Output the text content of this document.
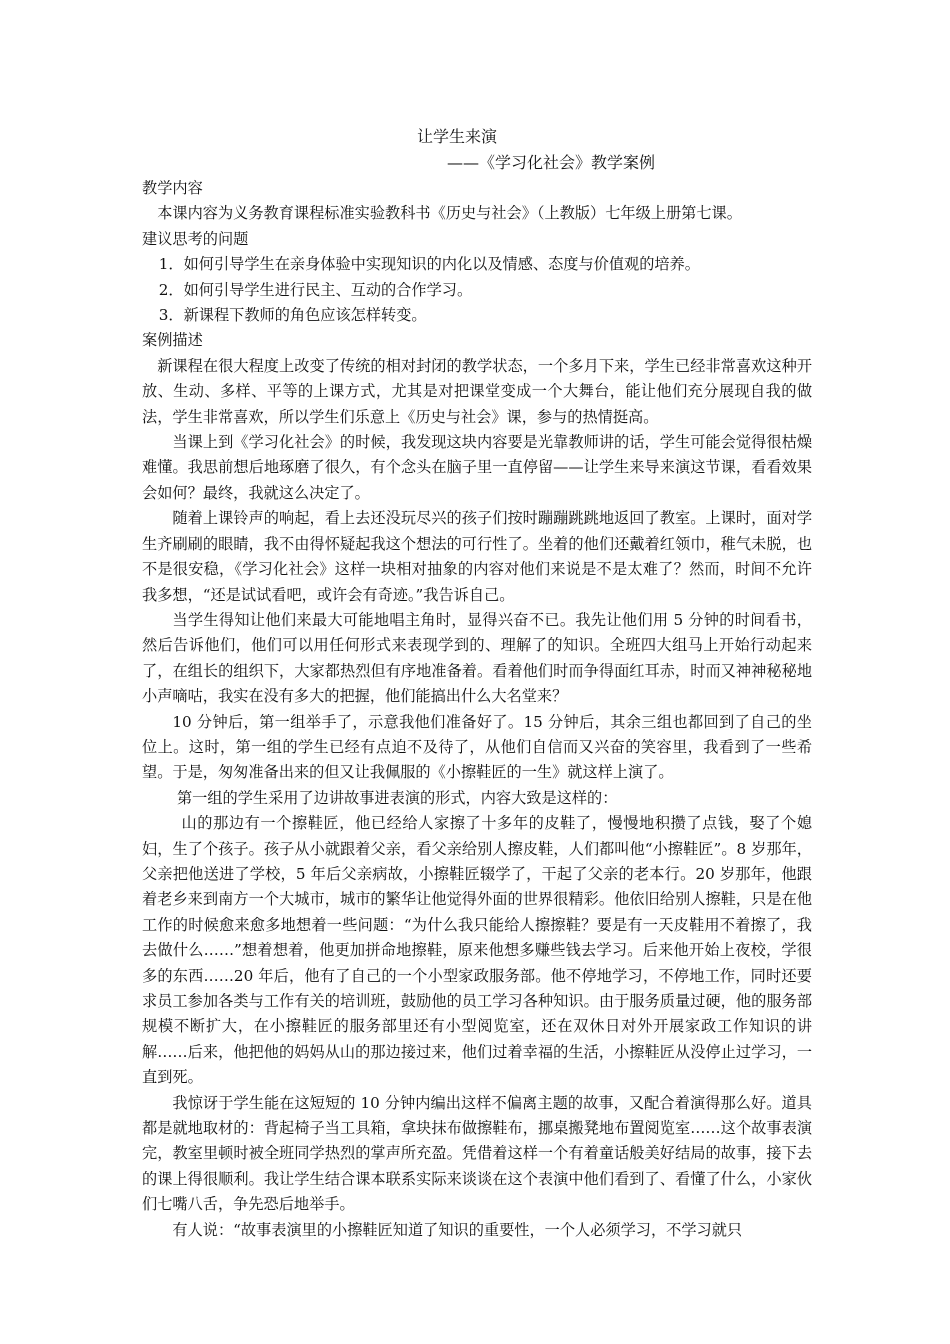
让学生来演
——《学习化社会》教学案例

教学内容

本课内容为义务教育课程标准实验教科书《历史与社会》（上教版）七年级上册第七课。

建议思考的问题

1．如何引导学生在亲身体验中实现知识的内化以及情感、态度与价值观的培养。

2．如何引导学生进行民主、互动的合作学习。

3．新课程下教师的角色应该怎样转变。

案例描述

新课程在很大程度上改变了传统的相对封闭的教学状态，一个多月下来，学生已经非常喜欢这种开放、生动、多样、平等的上课方式，尤其是对把课堂变成一个大舞台，能让他们充分展现自我的做法，学生非常喜欢，所以学生们乐意上《历史与社会》课，参与的热情挺高。

当课上到《学习化社会》的时候，我发现这块内容要是光靠教师讲的话，学生可能会觉得很枯燥难懂。我思前想后地琢磨了很久，有个念头在脑子里一直停留——让学生来导来演这节课，看看效果会如何？最终，我就这么决定了。

随着上课铃声的响起，看上去还没玩尽兴的孩子们按时蹦蹦跳跳地返回了教室。上课时，面对学生齐刷刷的眼睛，我不由得怀疑起我这个想法的可行性了。坐着的他们还戴着红领巾，稚气未脱，也不是很安稳，《学习化社会》这样一块相对抽象的内容对他们来说是不是太难了？然而，时间不允许我多想，“还是试试看吧，或许会有奇迹。”我告诉自己。

当学生得知让他们来最大可能地唱主角时，显得兴奋不已。我先让他们用 5 分钟的时间看书，然后告诉他们，他们可以用任何形式来表现学到的、理解了的知识。全班四大组马上开始行动起来了，在组长的组织下，大家都热烈但有序地准备着。看着他们时而争得面红耳赤，时而又神神秘秘地小声嘀咕，我实在没有多大的把握，他们能搞出什么大名堂来？

10 分钟后，第一组举手了，示意我他们准备好了。15 分钟后，其余三组也都回到了自己的坐位上。这时，第一组的学生已经有点迫不及待了，从他们自信而又兴奋的笑容里，我看到了一些希望。于是，匆匆准备出来的但又让我佩服的《小擦鞋匠的一生》就这样上演了。

第一组的学生采用了边讲故事进表演的形式，内容大致是这样的：

山的那边有一个擦鞋匠，他已经给人家擦了十多年的皮鞋了，慢慢地积攒了点钱，娶了个媳妇，生了个孩子。孩子从小就跟着父亲，看父亲给别人擦皮鞋，人们都叫他“小擦鞋匠”。8 岁那年，父亲把他送进了学校，5 年后父亲病故，小擦鞋匠辍学了，干起了父亲的老本行。20 岁那年，他跟着老乡来到南方一个大城市，城市的繁华让他觉得外面的世界很精彩。他依旧给别人擦鞋，只是在他工作的时候愈来愈多地想着一些问题：“为什么我只能给人擦擦鞋？要是有一天皮鞋用不着擦了，我去做什么……”想着想着，他更加拼命地擦鞋，原来他想多赚些钱去学习。后来他开始上夜校，学很多的东西……20 年后，他有了自己的一个小型家政服务部。他不停地学习，不停地工作，同时还要求员工参加各类与工作有关的培训班，鼓励他的员工学习各种知识。由于服务质量过硬，他的服务部规模不断扩大，在小擦鞋匠的服务部里还有小型阅览室，还在双休日对外开展家政工作知识的讲解……后来，他把他的妈妈从山的那边接过来，他们过着幸福的生活，小擦鞋匠从没停止过学习，一直到死。

我惊讶于学生能在这短短的 10 分钟内编出这样不偏离主题的故事，又配合着演得那么好。道具都是就地取材的：背起椅子当工具箱，拿块抹布做擦鞋布，挪桌搬凳地布置阅览室……这个故事表演完，教室里顿时被全班同学热烈的掌声所充盈。凭借着这样一个有着童话般美好结局的故事，接下去的课上得很顺利。我让学生结合课本联系实际来谈谈在这个表演中他们看到了、看懂了什么，小家伙们七嘴八舌，争先恐后地举手。

有人说：“故事表演里的小擦鞋匠知道了知识的重要性，一个人必须学习，不学习就只
